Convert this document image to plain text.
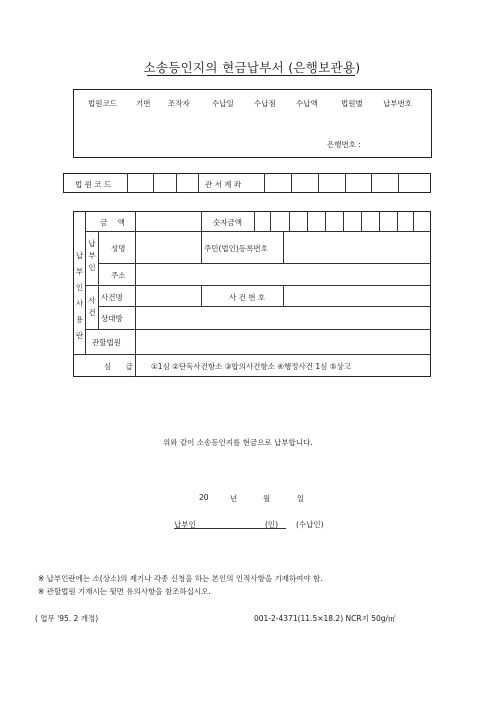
소송등인지의 현금납부서 (은행보관용)
법원코드	기번 조작자	수납일	수납점	수납액	법원별	납부번호
은행번호 :
법 원 코 드	관 서 계 좌
납부인사용란
납부인
사건
금 액	숫자금액
성명	주민(법인)등록번호
주소
사건명	사 건 번 호
상대방
관할법원
심 급 ①1심 ②단독사건항소 ③합의사건항소 ④행정사건 1심 ⑤상고
위와 같이 소송등인지를 현금으로 납부합니다.
20	년	월	일
납부인	(인) (수납인)
※ 납부인란에는 소(상소)의 제기나 각종 신청을 하는 본인의 인적사항을 기재하여야 함.
※ 관할법원 기재시는 뒷면 유의사항을 참조하십시오.
( 업무 '95. 2 개정)	001-2-4371(11.5×18.2) NCR지 50g/㎡
